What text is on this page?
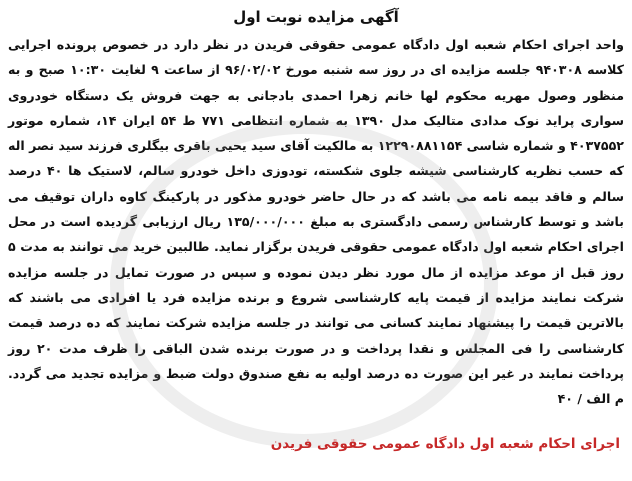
آگهی مزایده نوبت اول

واحد اجرای احکام شعبه اول دادگاه عمومی حقوقی فریدن در نظر دارد در خصوص پرونده اجرایی کلاسه ۹۴۰۳۰۸ جلسه مزایده ای در روز سه شنبه مورخ ۹۶/۰۲/۰۲ از ساعت ۹ لغایت ۱۰:۳۰ صبح و به منظور وصول مهریه محکوم لها خانم زهرا احمدی بادجانی به جهت فروش یک دستگاه خودروی سواری پراید نوک مدادی متالیک مدل ۱۳۹۰ به شماره انتظامی ۷۷۱ ط ۵۴ ایران ۱۴، شماره موتور ۴۰۳۷۵۵۲ و شماره شاسی ۱۲۲۹۰۸۸۱۱۵۴ به مالکیت آقای سید یحیی باقری بیگلری فرزند سید نصر اله که حسب نظریه کارشناسی شیشه جلوی شکسته، تودوزی داخل خودرو سالم، لاستیک ها ۴۰ درصد سالم و فاقد بیمه نامه می باشد که در حال حاضر خودرو مذکور در پارکینگ کاوه داران توقیف می باشد و توسط کارشناس رسمی دادگستری به مبلغ ۱۳۵/۰۰۰/۰۰۰ ریال ارزیابی گردیده است در محل اجرای احکام شعبه اول دادگاه عمومی حقوقی فریدن برگزار نماید. طالبین خرید می توانند به مدت ۵ روز قبل از موعد مزایده از مال مورد نظر دیدن نموده و سپس در صورت تمایل در جلسه مزایده شرکت نمایند مزایده از قیمت پایه کارشناسی شروع و برنده مزایده فرد یا افرادی می باشند که بالاترین قیمت را پیشنهاد نمایند کسانی می توانند در جلسه مزایده شرکت نمایند که ده درصد قیمت کارشناسی را فی المجلس و نقدا پرداخت و در صورت برنده شدن الباقی را ظرف مدت ۲۰ روز پرداخت نمایند در غیر این صورت ده درصد اولیه به نفع صندوق دولت ضبط و مزایده تجدید می گردد. م الف / ۴۰

اجرای احکام شعبه اول دادگاه عمومی حقوقی فریدن
